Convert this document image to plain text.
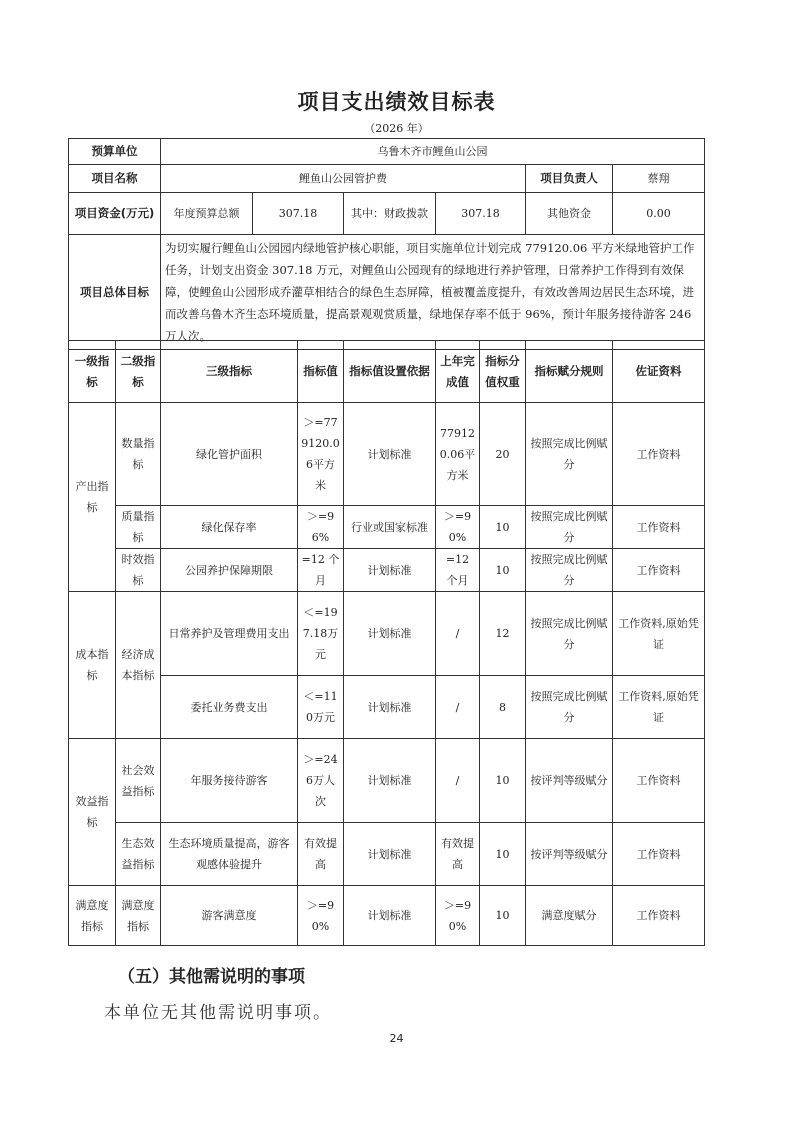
项目支出绩效目标表
（2026 年）
预算单位	乌鲁木齐市鲤鱼山公园					
项目名称	鲤鱼山公园管护费				项目负责人	蔡翔
项目资金(万元)	年度预算总额	307.18	其中：财政拨款	307.18	其他资金	0.00
项目总体目标	为切实履行鲤鱼山公园园内绿地管护核心职能，项目实施单位计划完成 779120.06 平方米绿地管护工作任务，计划支出资金 307.18 万元，对鲤鱼山公园现有的绿地进行养护管理，日常养护工作得到有效保障，使鲤鱼山公园形成乔灌草相结合的绿色生态屏障，植被覆盖度提升，有效改善周边居民生态环境，进而改善乌鲁木齐生态环境质量，提高景观观赏质量，绿地保存率不低于 96%，预计年服务接待游客 246 万人次。					
一级指标	二级指标	三级指标	指标值	指标值设置依据	上年完成值	指标分值权重	指标赋分规则	佐证资料
产出指标	数量指标	绿化管护面积	＞=779120.06平方米	计划标准	779120.06平方米	20	按照完成比例赋分	工作资料
	质量指标	绿化保存率	＞=96%	行业或国家标准	＞=90%	10	按照完成比例赋分	工作资料
	时效指标	公园养护保障期限	=12 个月	计划标准	=12 个月	10	按照完成比例赋分	工作资料
成本指标	经济成本指标	日常养护及管理费用支出	＜=197.18万元	计划标准	/	12	按照完成比例赋分	工作资料,原始凭证
		委托业务费支出	＜=110万元	计划标准	/	8	按照完成比例赋分	工作资料,原始凭证
效益指标	社会效益指标	年服务接待游客	＞=246万人次	计划标准	/	10	按评判等级赋分	工作资料
	生态效益指标	生态环境质量提高，游客观感体验提升	有效提高	计划标准	有效提高	10	按评判等级赋分	工作资料
满意度指标	满意度指标	游客满意度	＞=90%	计划标准	＞=90%	10	满意度赋分	工作资料
（五）其他需说明的事项
本单位无其他需说明事项。
24
